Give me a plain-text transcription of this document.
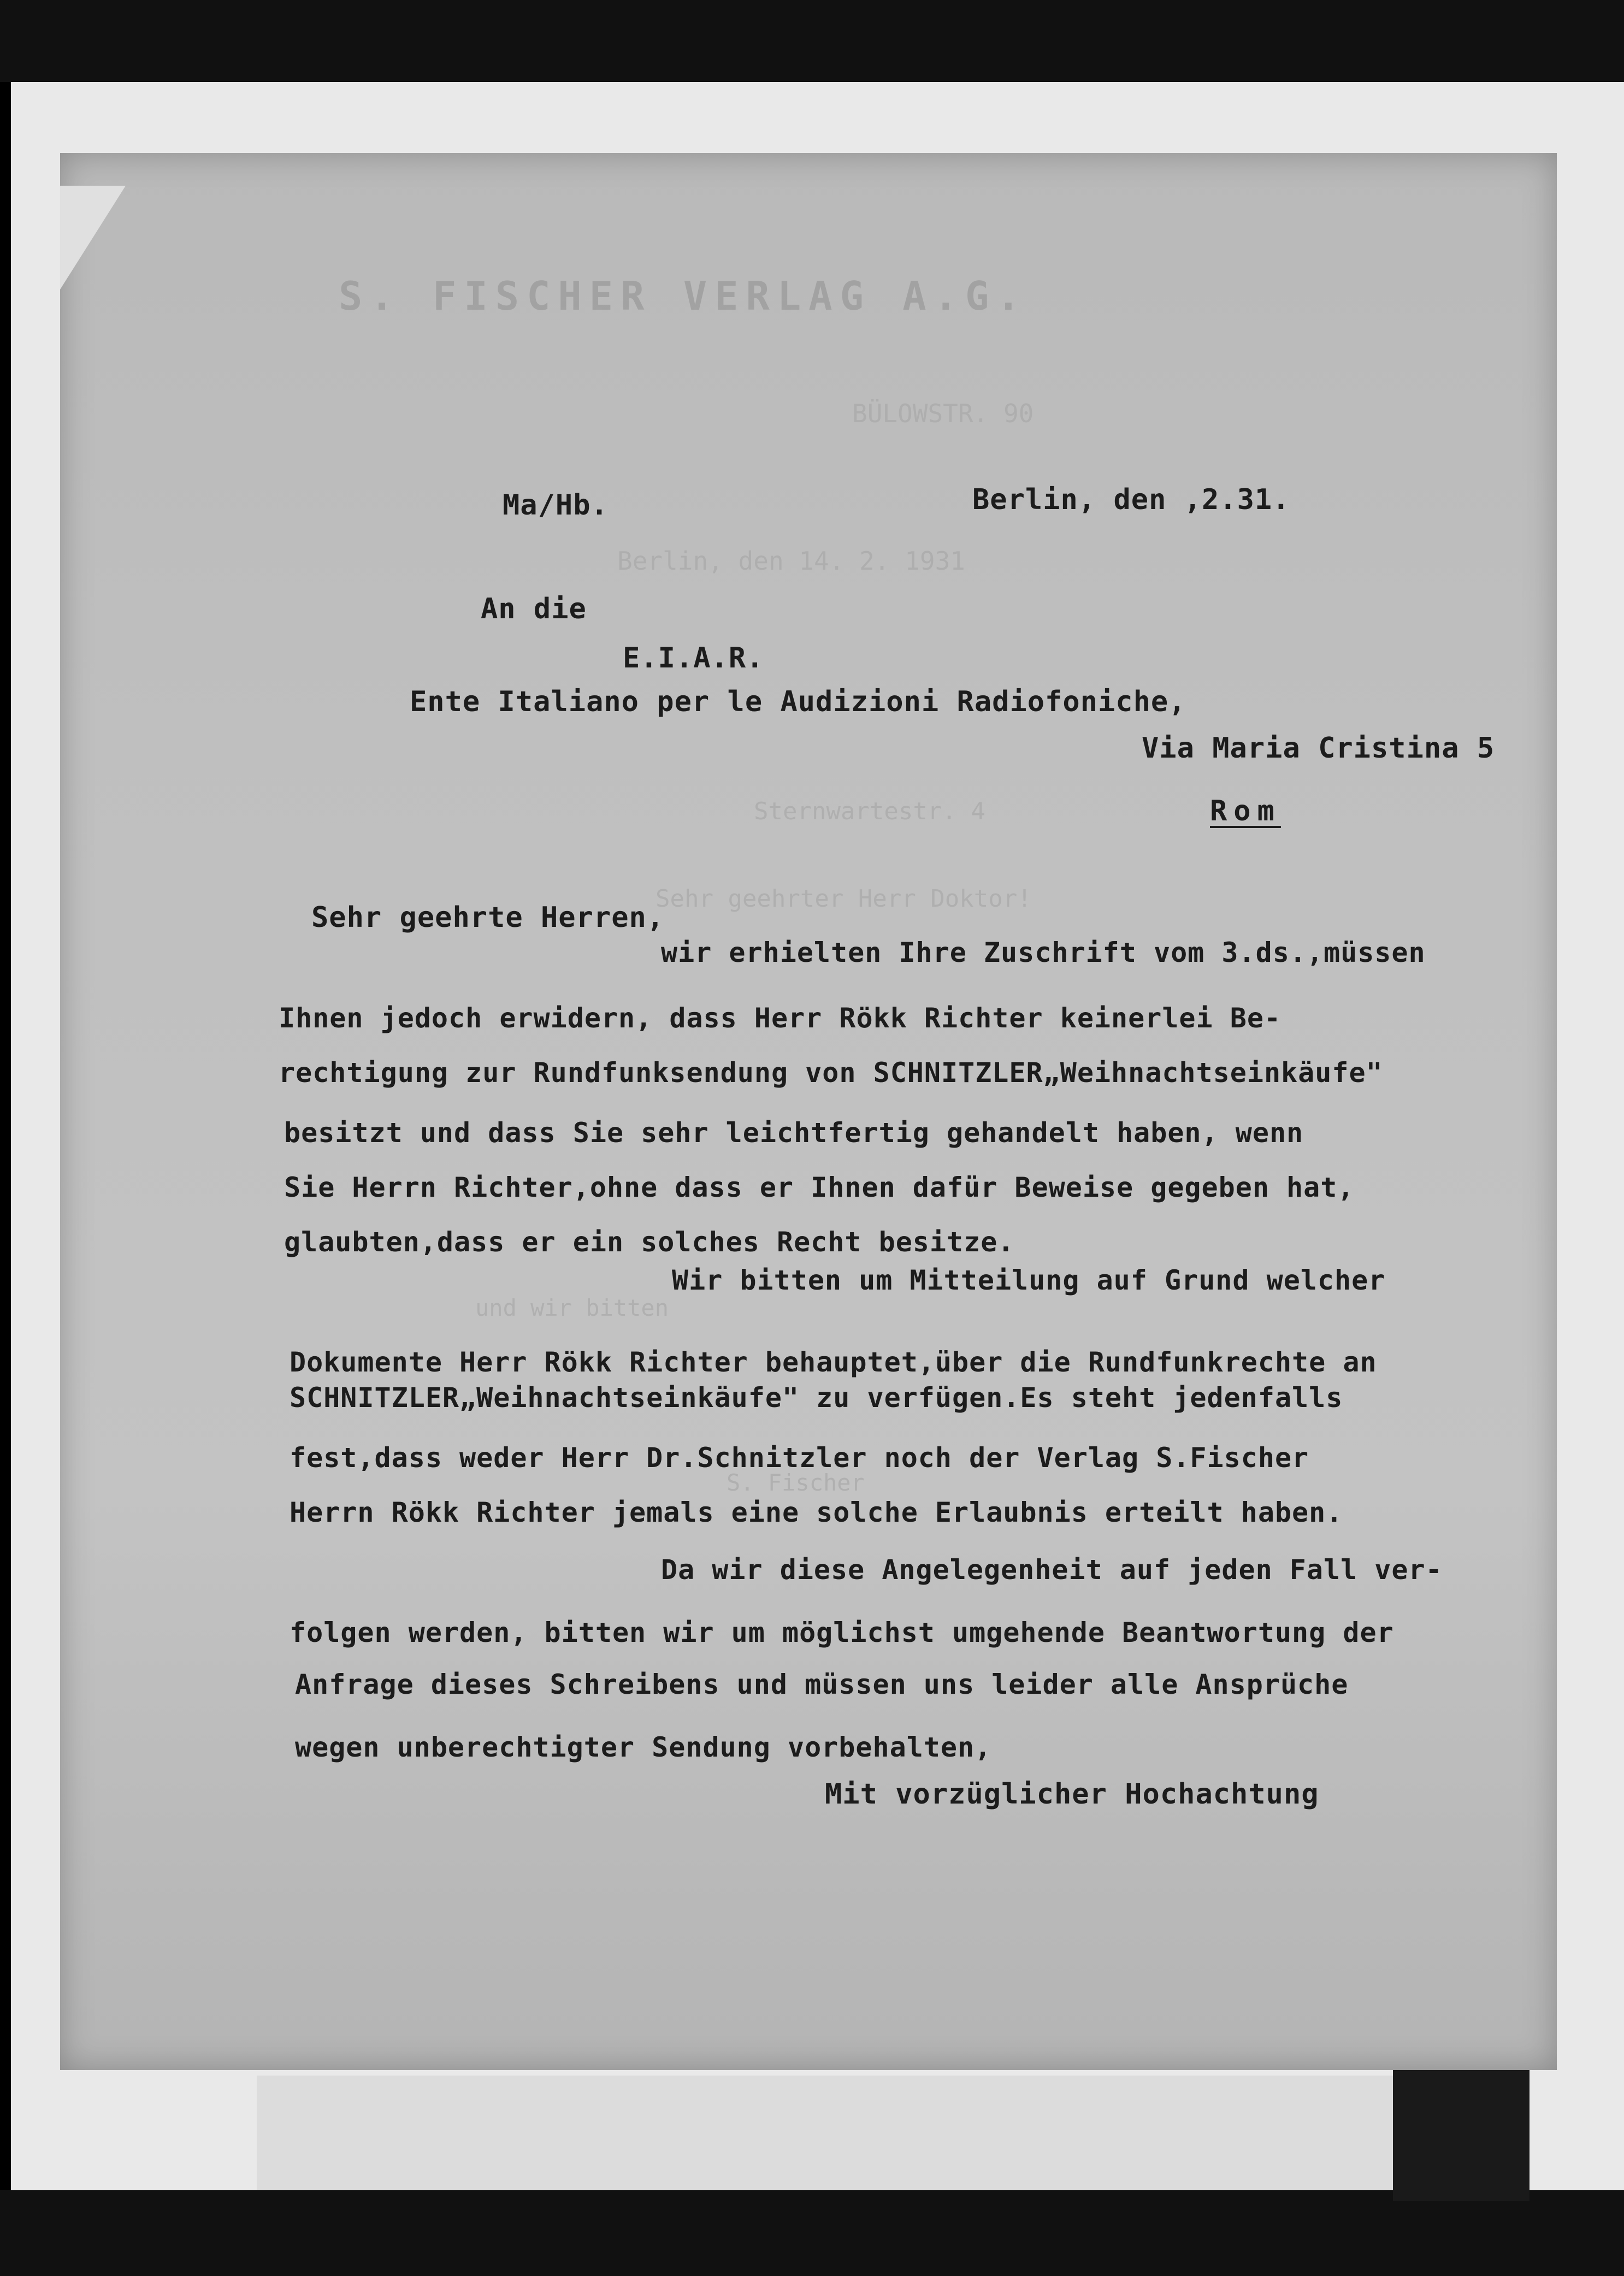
S. FISCHER VERLAG A.G.
BÜLOWSTR. 90
Berlin, den 14. 2. 1931
Sternwartestr. 4
Sehr geehrter Herr Doktor!
und wir bitten
S. Fischer
Ma/Hb.	Berlin, den ,2.31.
An die
E.I.A.R.
Ente Italiano per le Audizioni Radiofoniche,
Via Maria Cristina 5
Rom
Sehr geehrte Herren,
wir erhielten Ihre Zuschrift vom 3.ds.,müssen
Ihnen jedoch erwidern, dass Herr Rökk Richter keinerlei Be-
rechtigung zur Rundfunksendung von SCHNITZLER„Weihnachtseinkäufe"
besitzt und dass Sie sehr leichtfertig gehandelt haben, wenn
Sie Herrn Richter,ohne dass er Ihnen dafür Beweise gegeben hat,
glaubten,dass er ein solches Recht besitze.
Wir bitten um Mitteilung auf Grund welcher
Dokumente Herr Rökk Richter behauptet,über die Rundfunkrechte an
SCHNITZLER„Weihnachtseinkäufe" zu verfügen.Es steht jedenfalls
fest,dass weder Herr Dr.Schnitzler noch der Verlag S.Fischer
Herrn Rökk Richter jemals eine solche Erlaubnis erteilt haben.
Da wir diese Angelegenheit auf jeden Fall ver-
folgen werden, bitten wir um möglichst umgehende Beantwortung der
Anfrage dieses Schreibens und müssen uns leider alle Ansprüche
wegen unberechtigter Sendung vorbehalten,
Mit vorzüglicher Hochachtung
